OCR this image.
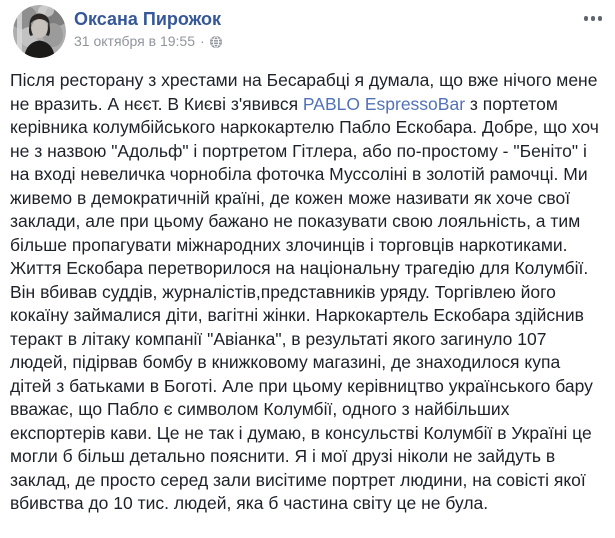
Оксана Пирожок
31 октября в 19:55 ·
Після ресторану з хрестами на Бесарабці я думала, що вже нічого мене не вразить. А нєєт. В Києві з'явився PABLO EspressoBar з портетом керівника колумбійського наркокартелю Пабло Ескобара. Добре, що хоч не з назвою "Адольф" і портретом Гітлера, або по-простому - "Беніто" і на вході невеличка чорнобіла фоточка Муссоліні в золотій рамочці. Ми живемо в демократичній країні, де кожен може називати як хоче свої заклади, але при цьому бажано не показувати свою лояльність, а тим більше пропагувати міжнародних злочинців і торговців наркотиками. Життя Ескобара перетворилося на національну трагедію для Колумбії. Він вбивав суддів, журналістів,представників уряду. Торгівлею його кокаїну займалися діти, вагітні жінки. Наркокартель Ескобара здійснив теракт в літаку компанії "Авіанка", в результаті якого загинуло 107 людей, підірвав бомбу в книжковому магазині, де знаходилося купа дітей з батьками в Боготі. Але при цьому керівництво українського бару вважає, що Пабло є символом Колумбії, одного з найбільших експортерів кави. Це не так і думаю, в консульстві Колумбії в Україні це могли б більш детально пояснити. Я і мої друзі ніколи не зайдуть в заклад, де просто серед зали висітиме портрет людини, на совісті якої вбивства до 10 тис. людей, яка б частина світу це не була.
